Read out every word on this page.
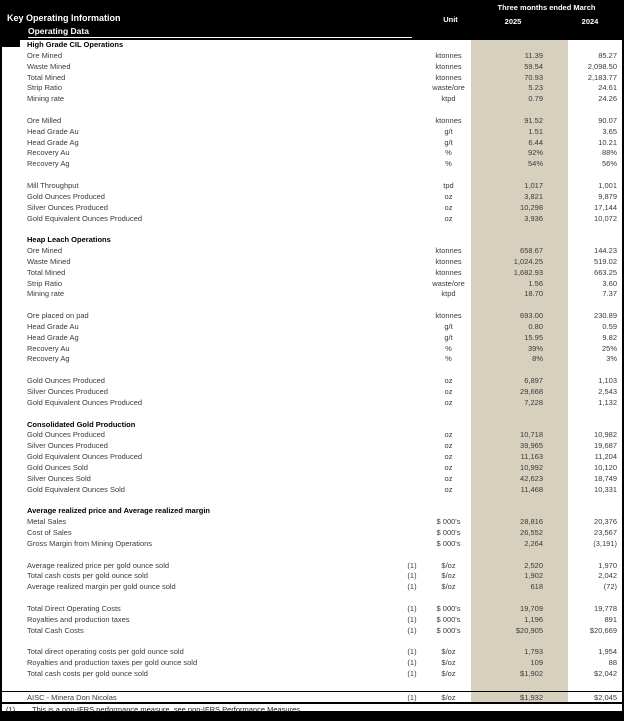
Key Operating Information
Operating Data
Unit
Three months ended March
2025	2024
High Grade CIL Operations
Ore Mined	ktonnes	11.39	85.27
Waste Mined	ktonnes	59.54	2,098.50
Total Mined	ktonnes	70.93	2,183.77
Strip Ratio	waste/ore	5.23	24.61
Mining rate	ktpd	0.79	24.26
Ore Milled	ktonnes	91.52	90.07
Head Grade Au	g/t	1.51	3.65
Head Grade Ag	g/t	6.44	10.21
Recovery Au	%	92%	88%
Recovery Ag	%	54%	56%
Mill Throughput	tpd	1,017	1,001
Gold Ounces Produced	oz	3,821	9,879
Silver Ounces Produced	oz	10,298	17,144
Gold Equivalent Ounces Produced	oz	3,936	10,072
Heap Leach Operations
Ore Mined	ktonnes	658.67	144.23
Waste Mined	ktonnes	1,024.25	519.02
Total Mined	ktonnes	1,682.93	663.25
Strip Ratio	waste/ore	1.56	3.60
Mining rate	ktpd	18.70	7.37
Ore placed on pad	ktonnes	693.00	230.89
Head Grade Au	g/t	0.80	0.59
Head Grade Ag	g/t	15.95	9.82
Recovery Au	%	39%	25%
Recovery Ag	%	8%	3%
Gold Ounces Produced	oz	6,897	1,103
Silver Ounces Produced	oz	29,668	2,543
Gold Equivalent Ounces Produced	oz	7,228	1,132
Consolidated Gold Production
Gold Ounces Produced	oz	10,718	10,982
Silver Ounces Produced	oz	39,965	19,687
Gold Equivalent Ounces Produced	oz	11,163	11,204
Gold Ounces Sold	oz	10,992	10,120
Silver Ounces Sold	oz	42,623	18,749
Gold Equivalent Ounces Sold	oz	11,468	10,331
Average realized price and Average realized margin
Metal Sales	$ 000's	28,816	20,376
Cost of Sales	$ 000's	26,552	23,567
Gross Margin from Mining Operations	$ 000's	2,264	(3,191)
Average realized price per gold ounce sold	(1)	$/oz	2,520	1,970
Total cash costs per gold ounce sold	(1)	$/oz	1,902	2,042
Average realized margin per gold ounce sold	(1)	$/oz	618	(72)
Total Direct Operating Costs	(1)	$ 000's	19,709	19,778
Royalties and production taxes	(1)	$ 000's	1,196	891
Total Cash Costs	(1)	$ 000's	$20,905	$20,669
Total direct operating costs per gold ounce sold	(1)	$/oz	1,793	1,954
Royalties and production taxes per gold ounce sold	(1)	$/oz	109	88
Total cash costs per gold ounce sold	(1)	$/oz	$1,902	$2,042
AISC - Minera Don Nicolas	(1)	$/oz	$1,932	$2,045
(1) This is a non-IFRS performance measure, see non-IFRS Performance Measures
